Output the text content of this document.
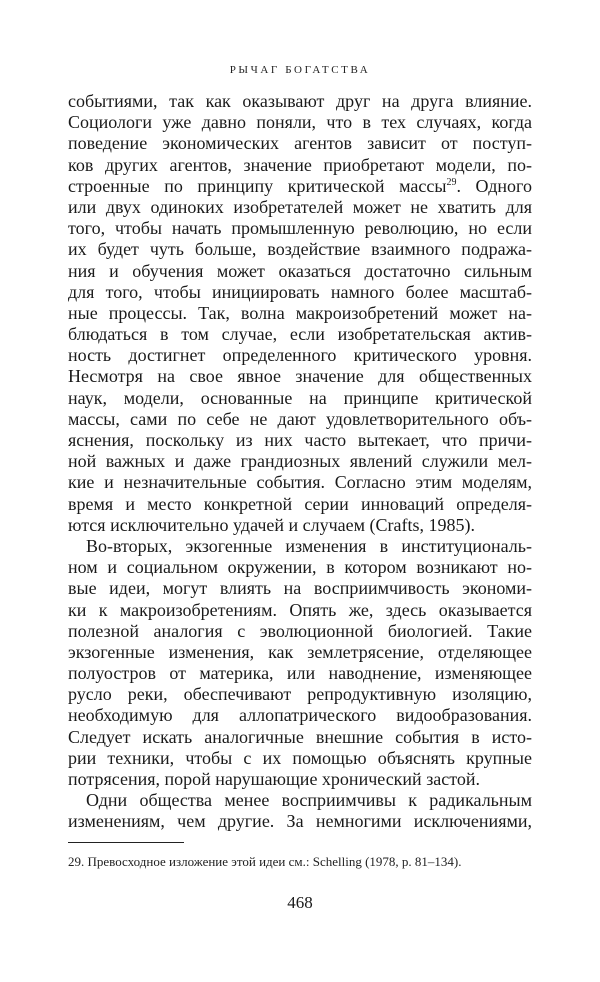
РЫЧАГ БОГАТСТВА
событиями, так как оказывают друг на друга влияние.
Социологи уже давно поняли, что в тех случаях, когда
поведение экономических агентов зависит от поступ-
ков других агентов, значение приобретают модели, по-
строенные по принципу критической массы$^{29}$. Одного
или двух одиноких изобретателей может не хватить для
того, чтобы начать промышленную революцию, но если
их будет чуть больше, воздействие взаимного подража-
ния и обучения может оказаться достаточно сильным
для того, чтобы инициировать намного более масштаб-
ные процессы. Так, волна макроизобретений может на-
блюдаться в том случае, если изобретательская актив-
ность достигнет определенного критического уровня.
Несмотря на свое явное значение для общественных
наук, модели, основанные на принципе критической
массы, сами по себе не дают удовлетворительного объ-
яснения, поскольку из них часто вытекает, что причи-
ной важных и даже грандиозных явлений служили мел-
кие и незначительные события. Согласно этим моделям,
время и место конкретной серии инноваций определя-
ются исключительно удачей и случаем (Crafts, 1985).
Во-вторых, экзогенные изменения в институциональ-
ном и социальном окружении, в котором возникают но-
вые идеи, могут влиять на восприимчивость экономи-
ки к макроизобретениям. Опять же, здесь оказывается
полезной аналогия с эволюционной биологией. Такие
экзогенные изменения, как землетрясение, отделяющее
полуостров от материка, или наводнение, изменяющее
русло реки, обеспечивают репродуктивную изоляцию,
необходимую для аллопатрического видообразования.
Следует искать аналогичные внешние события в исто-
рии техники, чтобы с их помощью объяснять крупные
потрясения, порой нарушающие хронический застой.
Одни общества менее восприимчивы к радикальным
изменениям, чем другие. За немногими исключениями,
29. Превосходное изложение этой идеи см.: Schelling (1978, p. 81–134).
468
